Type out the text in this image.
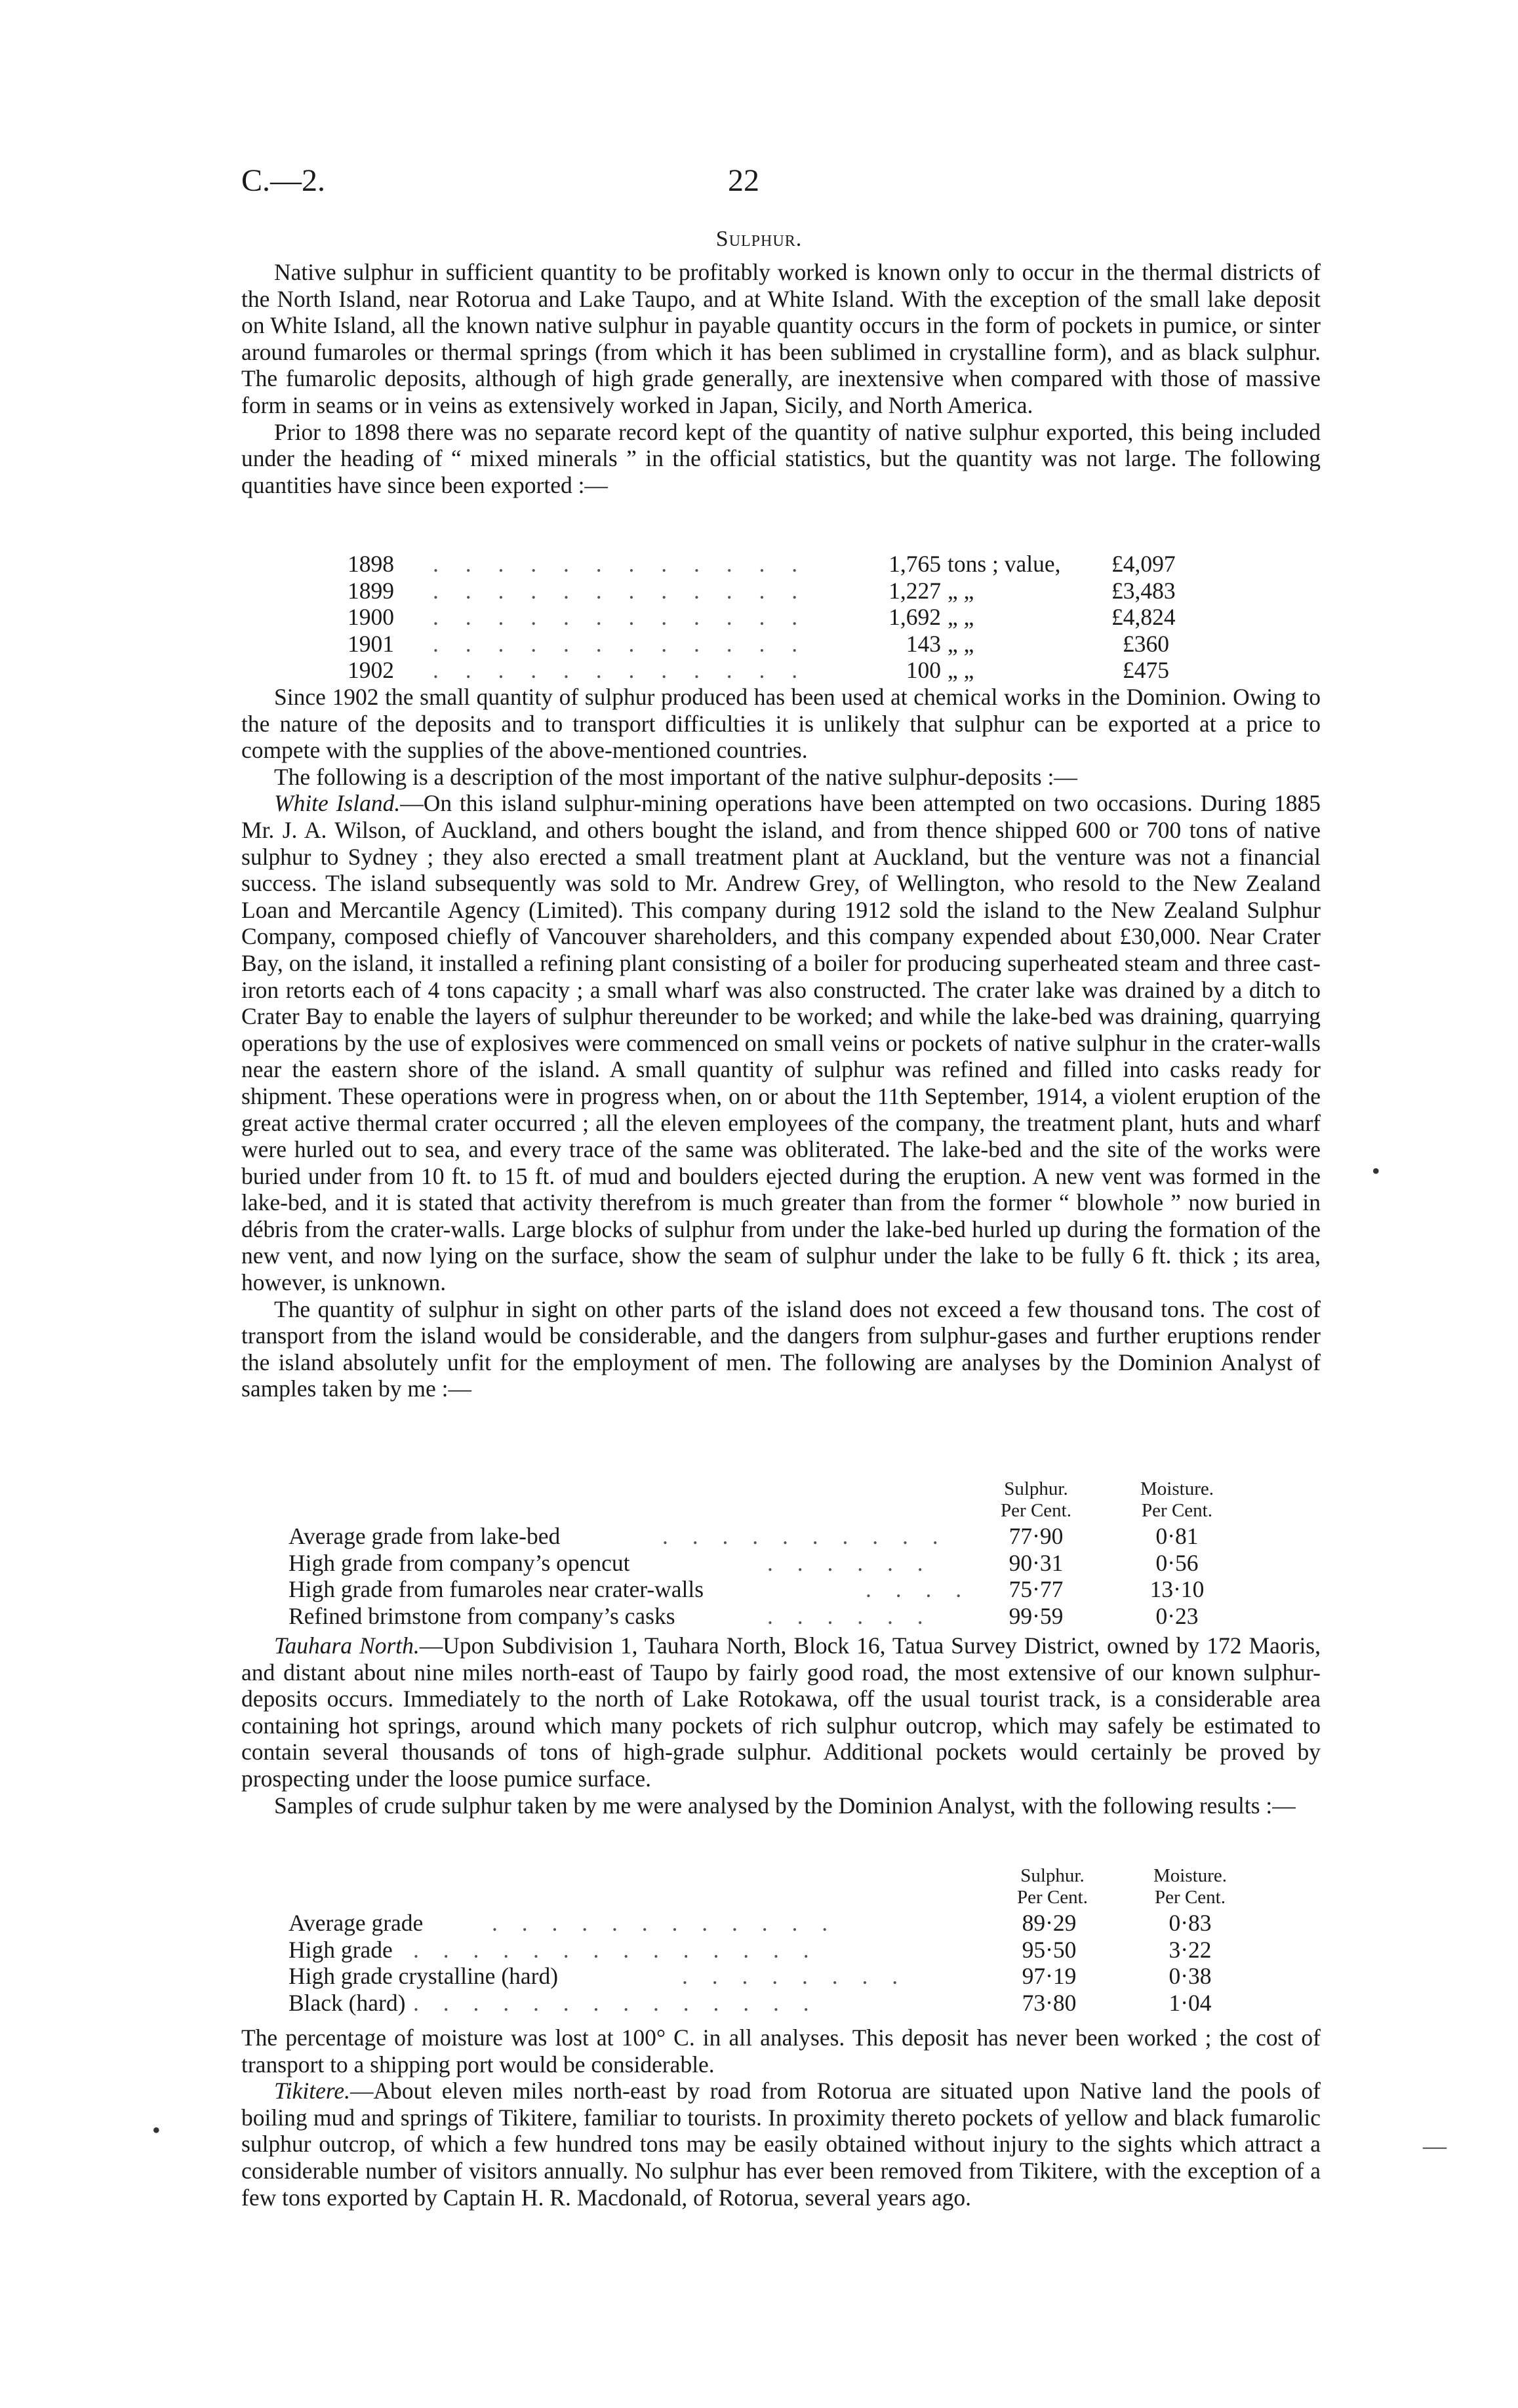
C.—2.	22
Sulphur.

Native sulphur in sufficient quantity to be profitably worked is known only to occur in the thermal districts of the North Island, near Rotorua and Lake Taupo, and at White Island. With the exception of the small lake deposit on White Island, all the known native sulphur in payable quantity occurs in the form of pockets in pumice, or sinter around fumaroles or thermal springs (from which it has been sublimed in crystalline form), and as black sulphur. The fumarolic deposits, although of high grade generally, are inextensive when compared with those of massive form in seams or in veins as extensively worked in Japan, Sicily, and North America.

Prior to 1898 there was no separate record kept of the quantity of native sulphur exported, this being included under the heading of “ mixed minerals ” in the official statistics, but the quantity was not large. The following quantities have since been exported :—

1898 . . . . . . . . . . . .	1,765 tons ; value, £4,097
1899 . . . . . . . . . . . .	1,227 „ „	£3,483
1900 . . . . . . . . . . . .	1,692 „ „	£4,824
1901 . . . . . . . . . . . .	143 „ „	£360
1902 . . . . . . . . . . . .	100 „ „	£475

Since 1902 the small quantity of sulphur produced has been used at chemical works in the Dominion. Owing to the nature of the deposits and to transport difficulties it is unlikely that sulphur can be exported at a price to compete with the supplies of the above-mentioned countries.

The following is a description of the most important of the native sulphur-deposits :—

White Island.—On this island sulphur-mining operations have been attempted on two occasions. During 1885 Mr. J. A. Wilson, of Auckland, and others bought the island, and from thence shipped 600 or 700 tons of native sulphur to Sydney ; they also erected a small treatment plant at Auckland, but the venture was not a financial success. The island subsequently was sold to Mr. Andrew Grey, of Wellington, who resold to the New Zealand Loan and Mercantile Agency (Limited). This company during 1912 sold the island to the New Zealand Sulphur Company, composed chiefly of Vancouver shareholders, and this company expended about £30,000. Near Crater Bay, on the island, it installed a refining plant consisting of a boiler for producing superheated steam and three cast-iron retorts each of 4 tons capacity ; a small wharf was also constructed. The crater lake was drained by a ditch to Crater Bay to enable the layers of sulphur thereunder to be worked; and while the lake-bed was draining, quarrying operations by the use of explosives were commenced on small veins or pockets of native sulphur in the crater-walls near the eastern shore of the island. A small quantity of sulphur was refined and filled into casks ready for shipment. These operations were in progress when, on or about the 11th September, 1914, a violent eruption of the great active thermal crater occurred ; all the eleven employees of the company, the treatment plant, huts and wharf were hurled out to sea, and every trace of the same was obliterated. The lake-bed and the site of the works were buried under from 10 ft. to 15 ft. of mud and boulders ejected during the eruption. A new vent was formed in the lake-bed, and it is stated that activity therefrom is much greater than from the former “ blowhole ” now buried in débris from the crater-walls. Large blocks of sulphur from under the lake-bed hurled up during the formation of the new vent, and now lying on the surface, show the seam of sulphur under the lake to be fully 6 ft. thick ; its area, however, is unknown.

The quantity of sulphur in sight on other parts of the island does not exceed a few thousand tons. The cost of transport from the island would be considerable, and the dangers from sulphur-gases and further eruptions render the island absolutely unfit for the employment of men. The following are analyses by the Dominion Analyst of samples taken by me :—

Sulphur.
Per Cent.
Moisture.
Per Cent.
Average grade from lake-bed	. . . . . . . . . .	77·90	0·81
High grade from company’s opencut	. . . . . .	90·31	0·56
High grade from fumaroles near crater-walls	. . . .	75·77	13·10
Refined brimstone from company’s casks	. . . . . .	99·59	0·23

Tauhara North.—Upon Subdivision 1, Tauhara North, Block 16, Tatua Survey District, owned by 172 Maoris, and distant about nine miles north-east of Taupo by fairly good road, the most extensive of our known sulphur-deposits occurs. Immediately to the north of Lake Rotokawa, off the usual tourist track, is a considerable area containing hot springs, around which many pockets of rich sulphur outcrop, which may safely be estimated to contain several thousands of tons of high-grade sulphur. Additional pockets would certainly be proved by prospecting under the loose pumice surface.

Samples of crude sulphur taken by me were analysed by the Dominion Analyst, with the following results :—

Sulphur.
Per Cent.
Moisture.
Per Cent.
Average grade	. . . . . . . . . . . .	89·29	0·83
High grade . . . . . . . . . . . . . .	95·50	3·22
High grade crystalline (hard)	. . . . . . . .	97·19	0·38
Black (hard) . . . . . . . . . . . . . .	73·80	1·04

The percentage of moisture was lost at 100° C. in all analyses. This deposit has never been worked ; the cost of transport to a shipping port would be considerable.

Tikitere.—About eleven miles north-east by road from Rotorua are situated upon Native land the pools of boiling mud and springs of Tikitere, familiar to tourists. In proximity thereto pockets of yellow and black fumarolic sulphur outcrop, of which a few hundred tons may be easily obtained without injury to the sights which attract a considerable number of visitors annually. No sulphur has ever been removed from Tikitere, with the exception of a few tons exported by Captain H. R. Macdonald, of Rotorua, several years ago.

•
•
—
